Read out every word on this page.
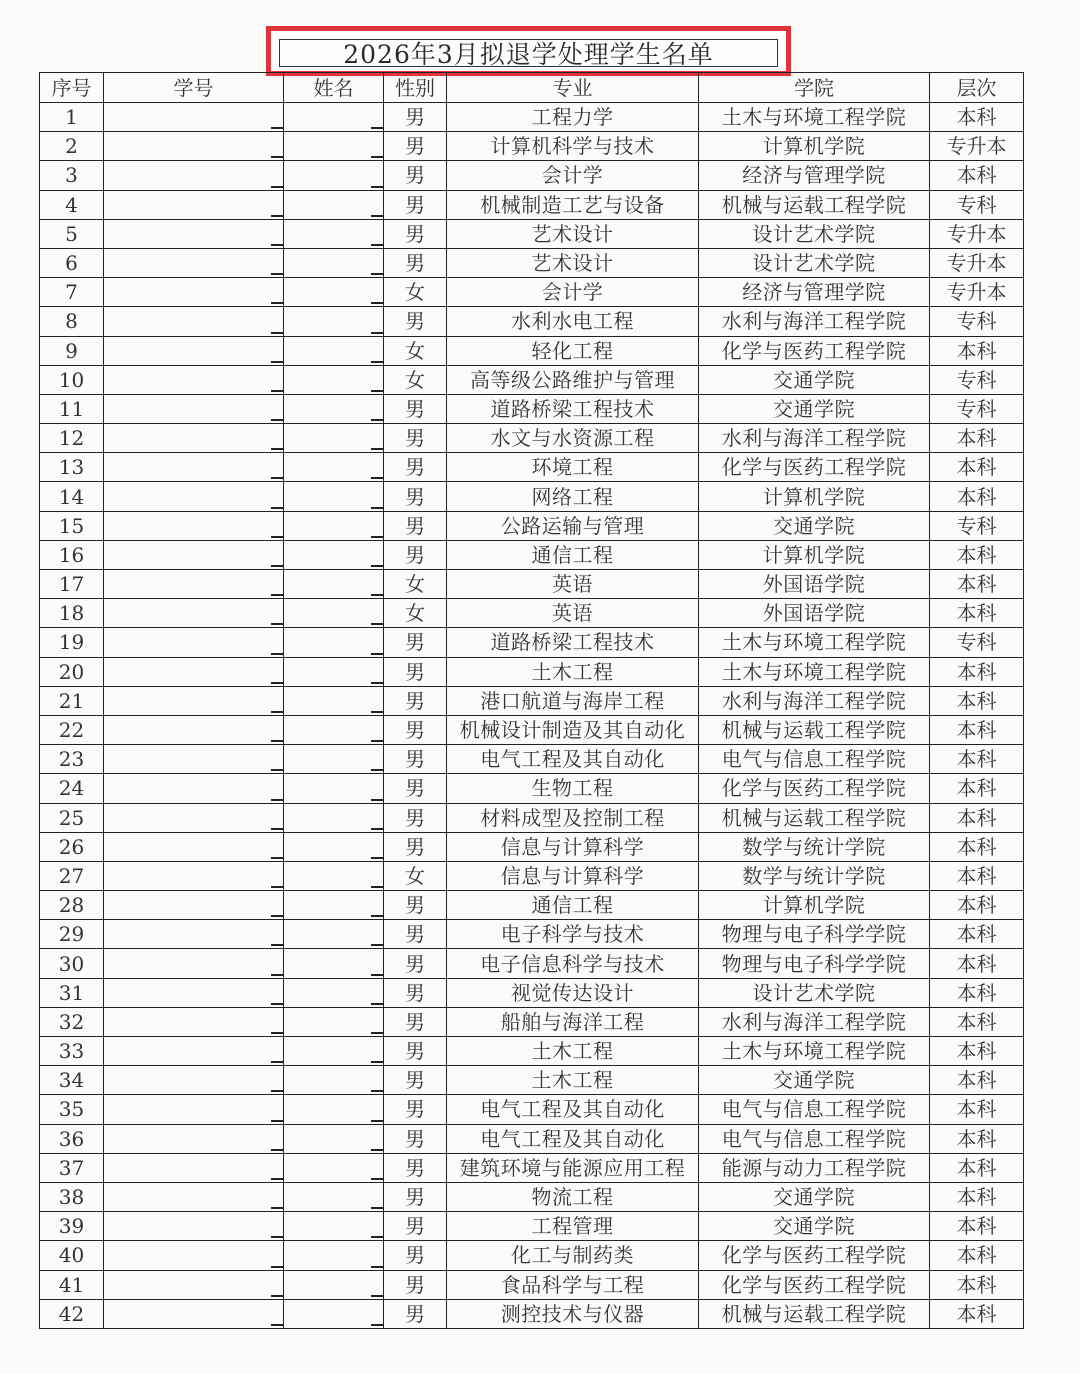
2026年3月拟退学处理学生名单
序号	学号	姓名	性别	专业	学院	层次
1			男	工程力学	土木与环境工程学院	本科
2			男	计算机科学与技术	计算机学院	专升本
3			男	会计学	经济与管理学院	本科
4			男	机械制造工艺与设备	机械与运载工程学院	专科
5			男	艺术设计	设计艺术学院	专升本
6			男	艺术设计	设计艺术学院	专升本
7			女	会计学	经济与管理学院	专升本
8			男	水利水电工程	水利与海洋工程学院	专科
9			女	轻化工程	化学与医药工程学院	本科
10			女	高等级公路维护与管理	交通学院	专科
11			男	道路桥梁工程技术	交通学院	专科
12			男	水文与水资源工程	水利与海洋工程学院	本科
13			男	环境工程	化学与医药工程学院	本科
14			男	网络工程	计算机学院	本科
15			男	公路运输与管理	交通学院	专科
16			男	通信工程	计算机学院	本科
17			女	英语	外国语学院	本科
18			女	英语	外国语学院	本科
19			男	道路桥梁工程技术	土木与环境工程学院	专科
20			男	土木工程	土木与环境工程学院	本科
21			男	港口航道与海岸工程	水利与海洋工程学院	本科
22			男	机械设计制造及其自动化	机械与运载工程学院	本科
23			男	电气工程及其自动化	电气与信息工程学院	本科
24			男	生物工程	化学与医药工程学院	本科
25			男	材料成型及控制工程	机械与运载工程学院	本科
26			男	信息与计算科学	数学与统计学院	本科
27			女	信息与计算科学	数学与统计学院	本科
28			男	通信工程	计算机学院	本科
29			男	电子科学与技术	物理与电子科学学院	本科
30			男	电子信息科学与技术	物理与电子科学学院	本科
31			男	视觉传达设计	设计艺术学院	本科
32			男	船舶与海洋工程	水利与海洋工程学院	本科
33			男	土木工程	土木与环境工程学院	本科
34			男	土木工程	交通学院	本科
35			男	电气工程及其自动化	电气与信息工程学院	本科
36			男	电气工程及其自动化	电气与信息工程学院	本科
37			男	建筑环境与能源应用工程	能源与动力工程学院	本科
38			男	物流工程	交通学院	本科
39			男	工程管理	交通学院	本科
40			男	化工与制药类	化学与医药工程学院	本科
41			男	食品科学与工程	化学与医药工程学院	本科
42			男	测控技术与仪器	机械与运载工程学院	本科
